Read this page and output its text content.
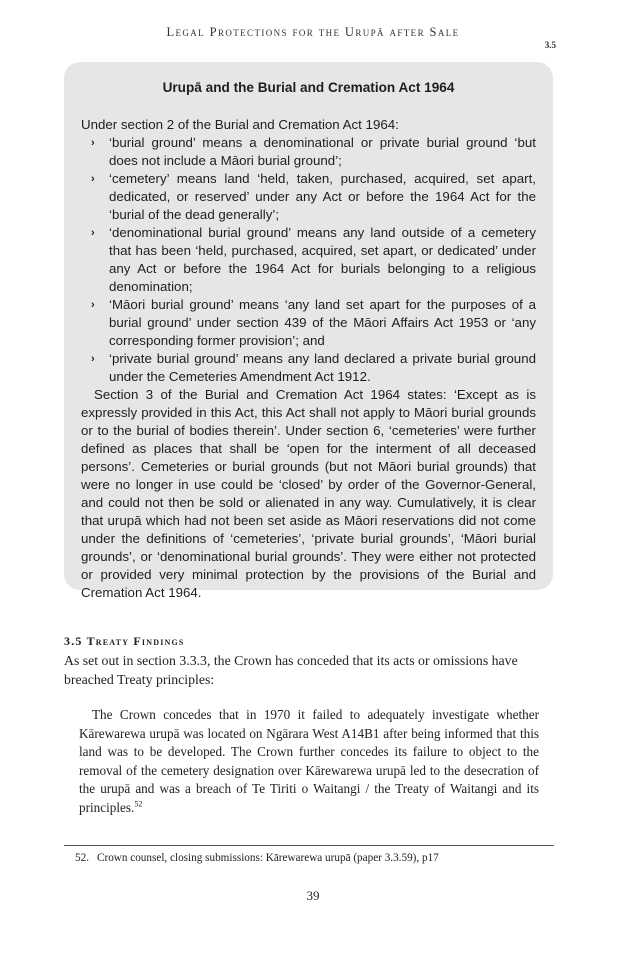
Legal Protections for the Urupā after Sale
3.5
Urupā and the Burial and Cremation Act 1964

Under section 2 of the Burial and Cremation Act 1964:

› ‘burial ground’ means a denominational or private burial ground ‘but does not include a Māori burial ground’;
› ‘cemetery’ means land ‘held, taken, purchased, acquired, set apart, dedicated, or reserved’ under any Act or before the 1964 Act for the ‘burial of the dead generally’;
› ‘denominational burial ground’ means any land outside of a cemetery that has been ‘held, purchased, acquired, set apart, or dedicated’ under any Act or before the 1964 Act for burials belonging to a religious denomination;
› ‘Māori burial ground’ means ‘any land set apart for the purposes of a burial ground’ under section 439 of the Māori Affairs Act 1953 or ‘any corresponding former provision’; and
› ‘private burial ground’ means any land declared a private burial ground under the Cemeteries Amendment Act 1912.

Section 3 of the Burial and Cremation Act 1964 states: ‘Except as is expressly provided in this Act, this Act shall not apply to Māori burial grounds or to the burial of bodies therein’. Under section 6, ‘cemeteries’ were further defined as places that shall be ‘open for the interment of all deceased persons’. Cemeteries or burial grounds (but not Māori burial grounds) that were no longer in use could be ‘closed’ by order of the Governor-General, and could not then be sold or alienated in any way. Cumulatively, it is clear that urupā which had not been set aside as Māori reservations did not come under the definitions of ‘cemeteries’, ‘private burial grounds’, ‘Māori burial grounds’, or ‘denominational burial grounds’. They were either not protected or provided very minimal protection by the provisions of the Burial and Cremation Act 1964.

3.5 Treaty Findings
As set out in section 3.3.3, the Crown has conceded that its acts or omissions have breached Treaty principles:
The Crown concedes that in 1970 it failed to adequately investigate whether Kārewarewa urupā was located on Ngārara West A14B1 after being informed that this land was to be developed. The Crown further concedes its failure to object to the removal of the cemetery designation over Kārewarewa urupā led to the desecration of the urupā and was a breach of Te Tiriti o Waitangi / the Treaty of Waitangi and its principles.$^{52}$
52. Crown counsel, closing submissions: Kārewarewa urupā (paper 3.3.59), p17
39
